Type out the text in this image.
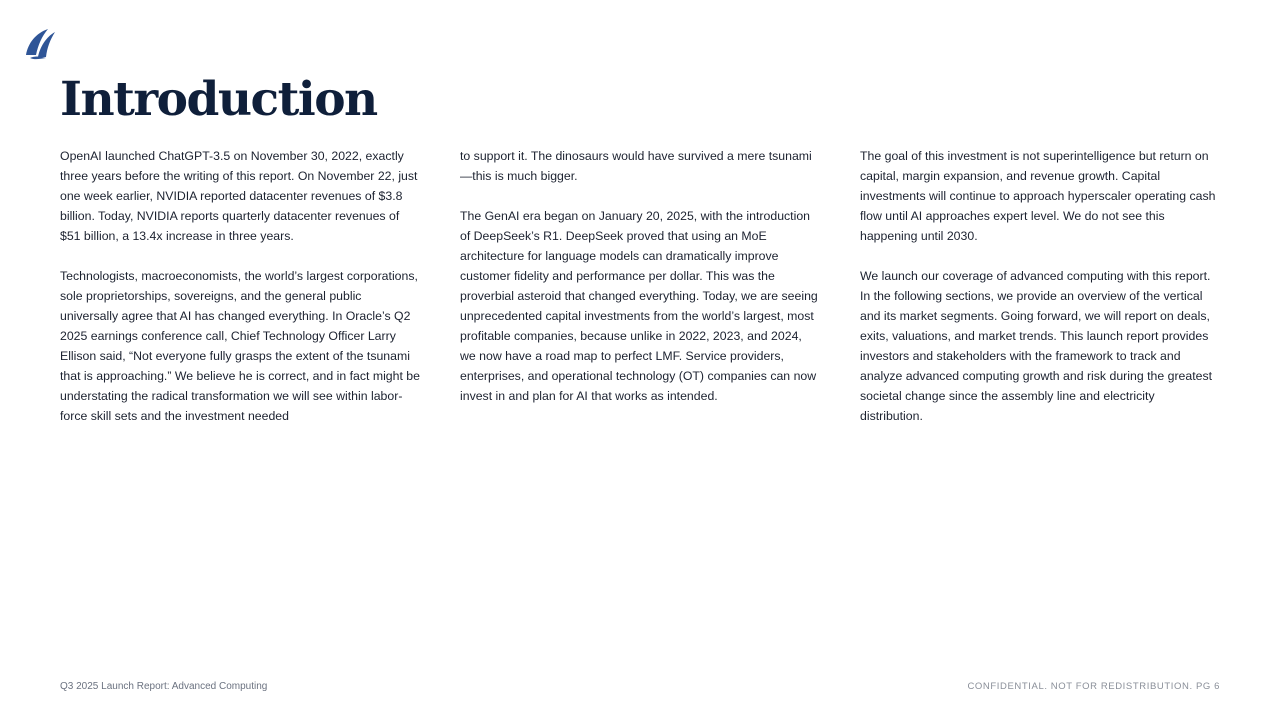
Introduction

OpenAI launched ChatGPT-3.5 on November 30, 2022, exactly three years before the writing of this report. On November 22, just one week earlier, NVIDIA reported datacenter revenues of $3.8 billion. Today, NVIDIA reports quarterly datacenter revenues of $51 billion, a 13.4x increase in three years.

Technologists, macroeconomists, the world’s largest corporations, sole proprietorships, sovereigns, and the general public universally agree that AI has changed everything. In Oracle’s Q2 2025 earnings conference call, Chief Technology Officer Larry Ellison said, “Not everyone fully grasps the extent of the tsunami that is approaching.” We believe he is correct, and in fact might be understating the radical transformation we will see within labor-force skill sets and the investment needed

to support it. The dinosaurs would have survived a mere tsunami—this is much bigger.

The GenAI era began on January 20, 2025, with the introduction of DeepSeek’s R1. DeepSeek proved that using an MoE architecture for language models can dramatically improve customer fidelity and performance per dollar. This was the proverbial asteroid that changed everything. Today, we are seeing unprecedented capital investments from the world’s largest, most profitable companies, because unlike in 2022, 2023, and 2024, we now have a road map to perfect LMF. Service providers, enterprises, and operational technology (OT) companies can now invest in and plan for AI that works as intended.

The goal of this investment is not superintelligence but return on capital, margin expansion, and revenue growth. Capital investments will continue to approach hyperscaler operating cash flow until AI approaches expert level. We do not see this happening until 2030.

We launch our coverage of advanced computing with this report. In the following sections, we provide an overview of the vertical and its market segments. Going forward, we will report on deals, exits, valuations, and market trends. This launch report provides investors and stakeholders with the framework to track and analyze advanced computing growth and risk during the greatest societal change since the assembly line and electricity distribution.

Q3 2025 Launch Report: Advanced Computing	CONFIDENTIAL. NOT FOR REDISTRIBUTION. PG 6
